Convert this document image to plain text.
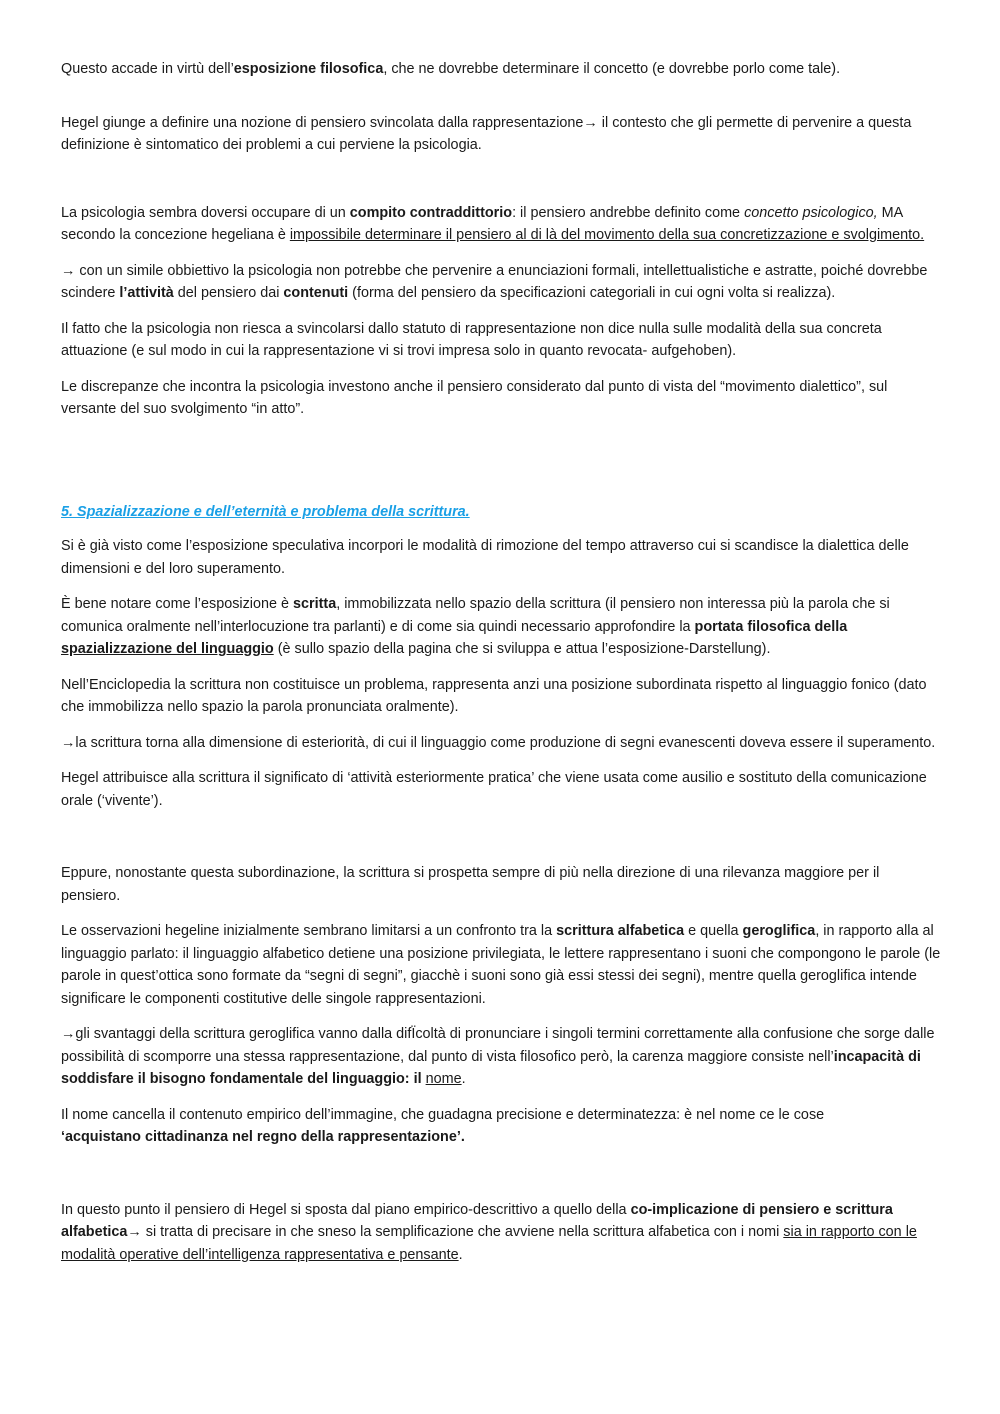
Questo accade in virtù dell’esposizione filosofica, che ne dovrebbe determinare il concetto (e dovrebbe porlo come tale).

Hegel giunge a definire una nozione di pensiero svincolata dalla rappresentazione→ il contesto che gli permette di pervenire a questa definizione è sintomatico dei problemi a cui perviene la psicologia.

La psicologia sembra doversi occupare di un compito contraddittorio: il pensiero andrebbe definito come concetto psicologico, MA secondo la concezione hegeliana è impossibile determinare il pensiero al di là del movimento della sua concretizzazione e svolgimento.

→ con un simile obbiettivo la psicologia non potrebbe che pervenire a enunciazioni formali, intellettualistiche e astratte, poiché dovrebbe scindere l’attività del pensiero dai contenuti (forma del pensiero da specificazioni categoriali in cui ogni volta si realizza).

Il fatto che la psicologia non riesca a svincolarsi dallo statuto di rappresentazione non dice nulla sulle modalità della sua concreta attuazione (e sul modo in cui la rappresentazione vi si trovi impresa solo in quanto revocata- aufgehoben).

Le discrepanze che incontra la psicologia investono anche il pensiero considerato dal punto di vista del “movimento dialettico”, sul versante del suo svolgimento “in atto”.

5. Spazializzazione e dell’eternità e problema della scrittura.

Si è già visto come l’esposizione speculativa incorpori le modalità di rimozione del tempo attraverso cui si scandisce la dialettica delle dimensioni e del loro superamento.

È bene notare come l’esposizione è scritta, immobilizzata nello spazio della scrittura (il pensiero non interessa più la parola che si comunica oralmente nell’interlocuzione tra parlanti) e di come sia quindi necessario approfondire la portata filosofica della spazializzazione del linguaggio (è sullo spazio della pagina che si sviluppa e attua l’esposizione-Darstellung).

Nell’Enciclopedia la scrittura non costituisce un problema, rappresenta anzi una posizione subordinata rispetto al linguaggio fonico (dato che immobilizza nello spazio la parola pronunciata oralmente).

→la scrittura torna alla dimensione di esteriorità, di cui il linguaggio come produzione di segni evanescenti doveva essere il superamento.

Hegel attribuisce alla scrittura il significato di ‘attività esteriormente pratica’ che viene usata come ausilio e sostituto della comunicazione orale (‘vivente’).

Eppure, nonostante questa subordinazione, la scrittura si prospetta sempre di più nella direzione di una rilevanza maggiore per il pensiero.

Le osservazioni hegeline inizialmente sembrano limitarsi a un confronto tra la scrittura alfabetica e quella geroglifica, in rapporto alla al linguaggio parlato: il linguaggio alfabetico detiene una posizione privilegiata, le lettere rappresentano i suoni che compongono le parole (le parole in quest’ottica sono formate da “segni di segni”, giacchè i suoni sono già essi stessi dei segni), mentre quella geroglifica intende significare le componenti costitutive delle singole rappresentazioni.

→gli svantaggi della scrittura geroglifica vanno dalla difÏcoltà di pronunciare i singoli termini correttamente alla confusione che sorge dalle possibilità di scomporre una stessa rappresentazione, dal punto di vista filosofico però, la carenza maggiore consiste nell’incapacità di soddisfare il bisogno fondamentale del linguaggio: il nome.

Il nome cancella il contenuto empirico dell’immagine, che guadagna precisione e determinatezza: è nel nome ce le cose
‘acquistano cittadinanza nel regno della rappresentazione’.

In questo punto il pensiero di Hegel si sposta dal piano empirico-descrittivo a quello della co-implicazione di pensiero e scrittura alfabetica→ si tratta di precisare in che sneso la semplificazione che avviene nella scrittura alfabetica con i nomi sia in rapporto con le modalità operative dell’intelligenza rappresentativa e pensante.
